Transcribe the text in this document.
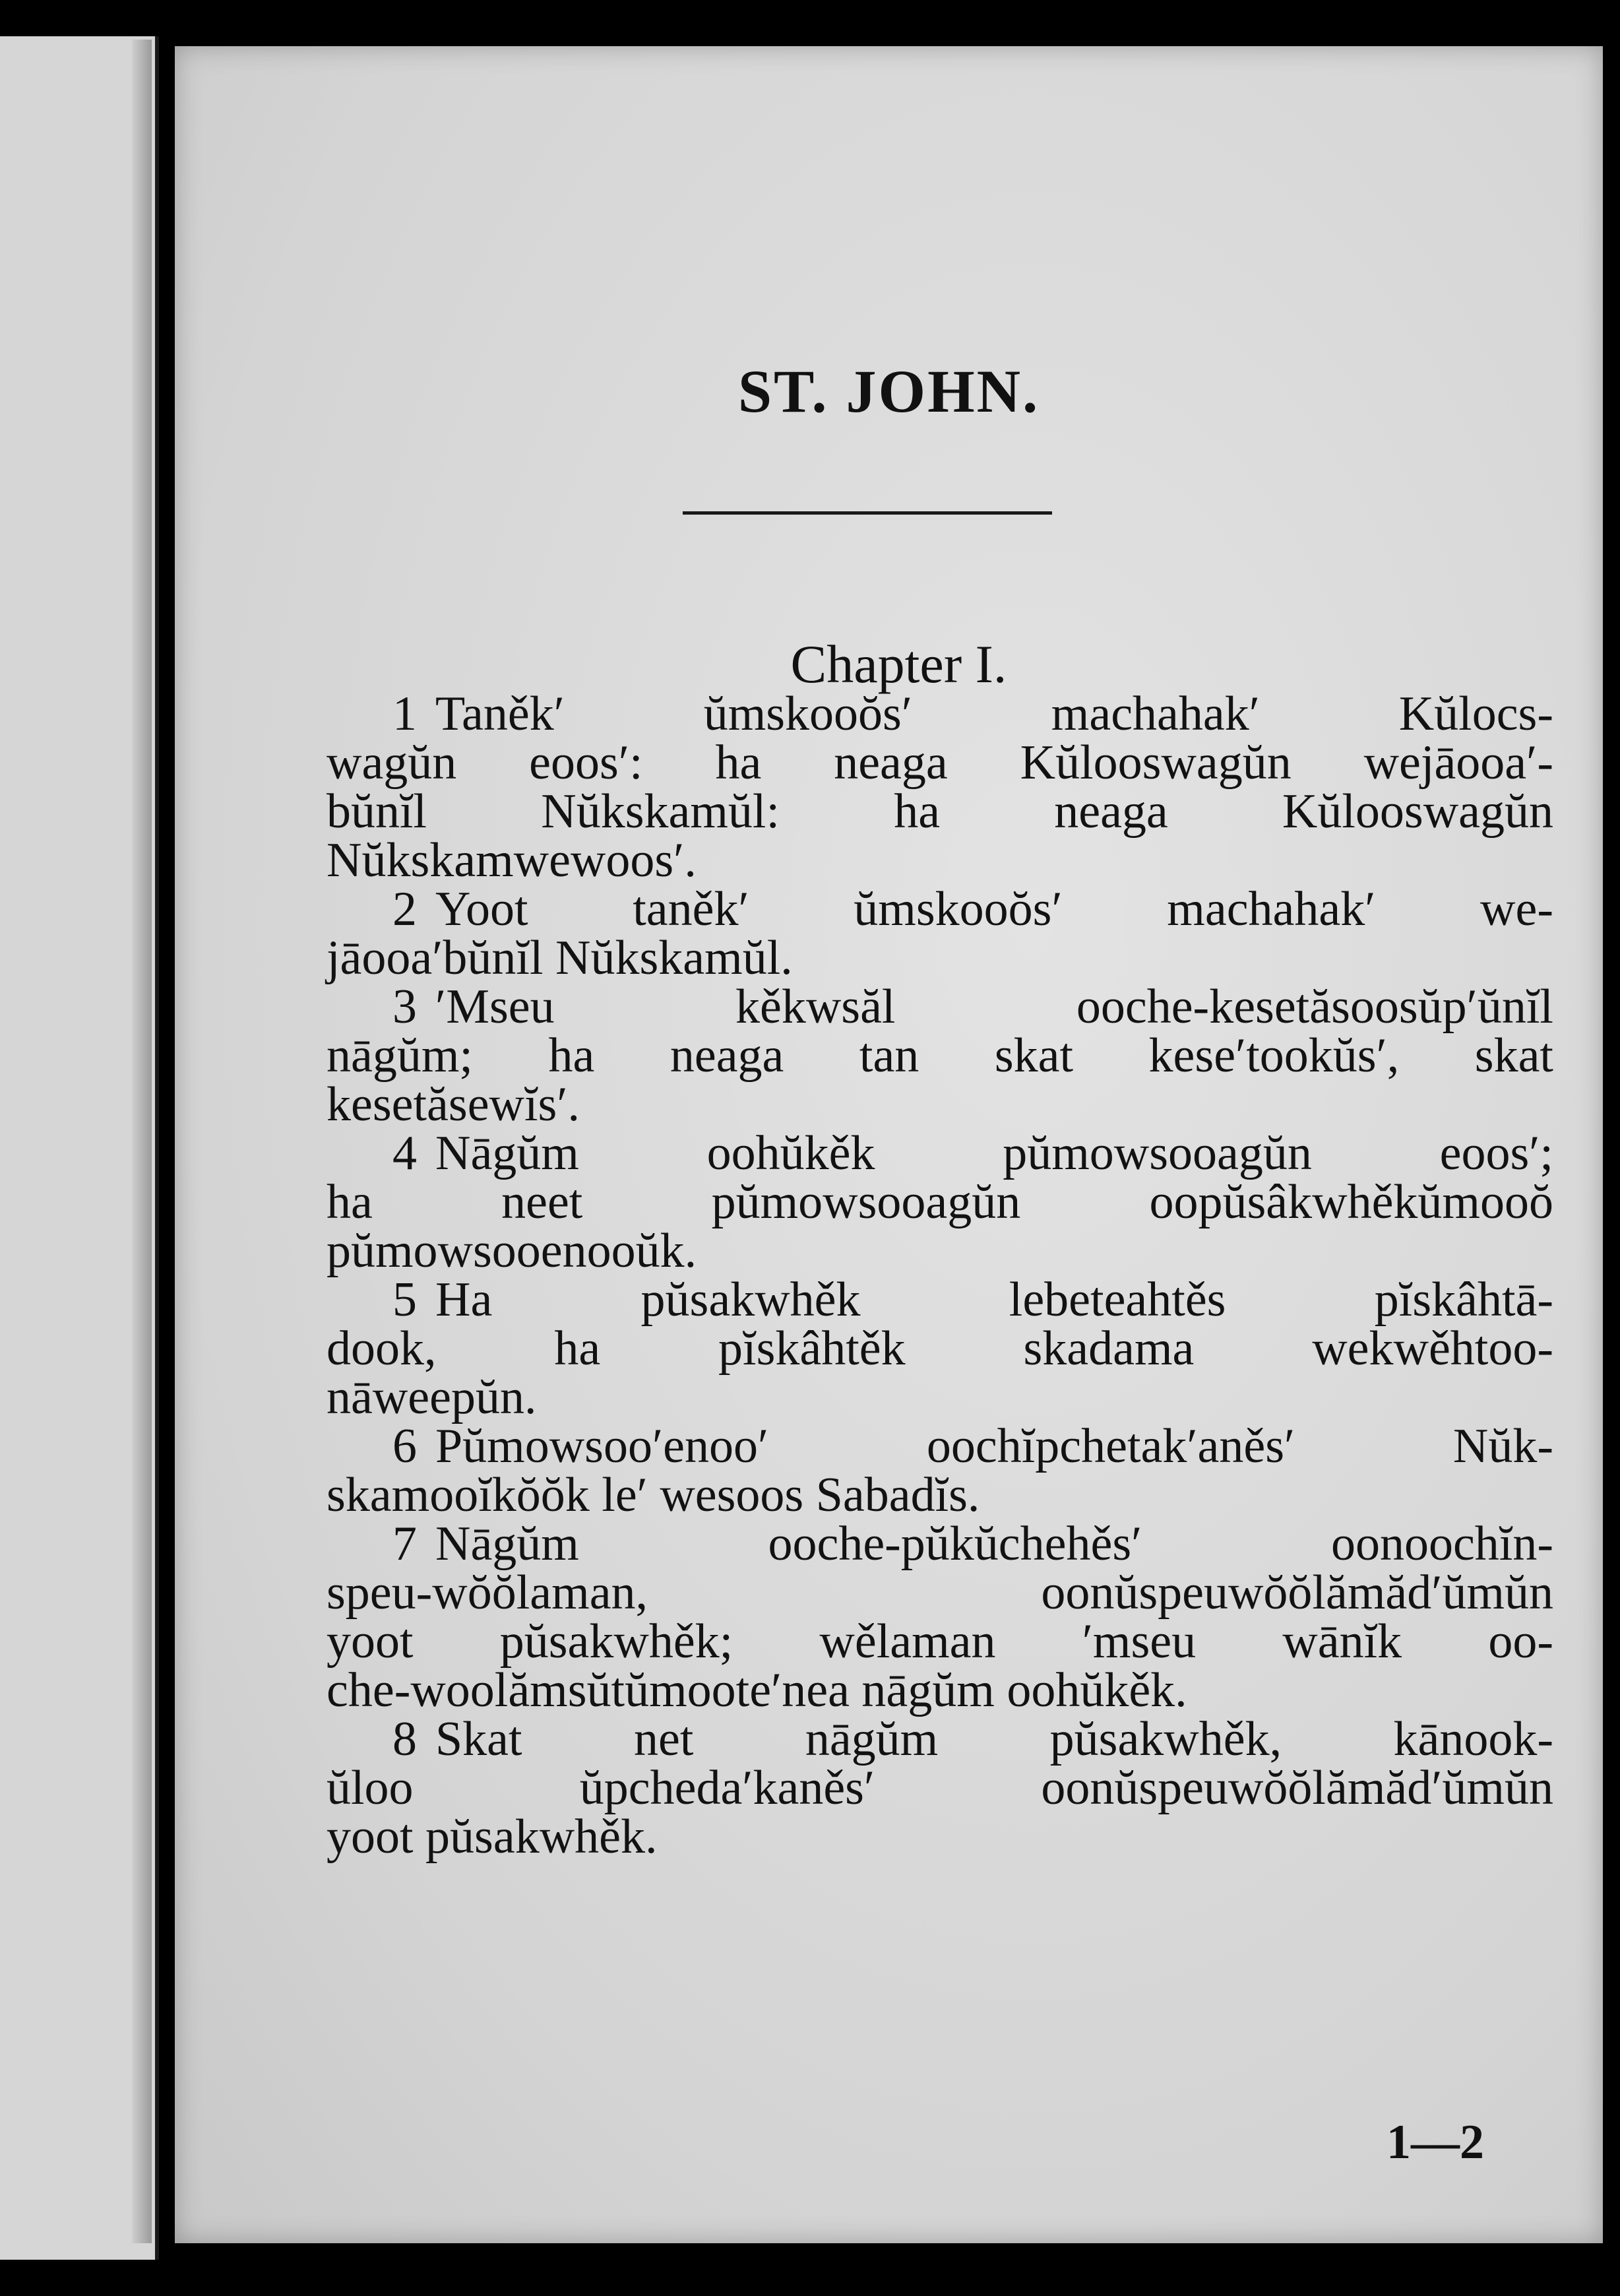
ST. JOHN.
Chapter I.
1 Taněk′ ŭmskooŏs′ machahak′ Kŭlocs-
wagŭn eoos′: ha neaga Kŭlooswagŭn wejāooa′-
bŭnĭl Nŭkskamŭl: ha neaga Kŭlooswagŭn
Nŭkskamwewoos′.
2 Yoot taněk′ ŭmskooŏs′ machahak′ we-
jāooa′bŭnĭl Nŭkskamŭl.
3 ′Mseu kěkwsăl ooche-kesetăsoosŭp′ŭnĭl
nāgŭm; ha neaga tan skat kese′tookŭs′, skat
kesetăsewĭs′.
4 Nāgŭm oohŭkěk pŭmowsooagŭn eoos′;
ha neet pŭmowsooagŭn oopŭsâkwhěkŭmooŏ
pŭmowsooenooŭk.
5 Ha pŭsakwhěk lebeteahtěs pĭskâhtā-
dook, ha pĭskâhtěk skadama wekwěhtoo-
nāweepŭn.
6 Pŭmowsoo′enoo′ oochĭpchetak′aněs′ Nŭk-
skamooĭkŏŏk le′ wesoos Sabadĭs.
7 Nāgŭm ooche-pŭkŭchehěs′ oonoochĭn-
speu-wŏŏlaman, oonŭspeuwŏŏlămăd′ŭmŭn
yoot pŭsakwhěk; wělaman ′mseu wānĭk oo-
che-woolămsŭtŭmoote′nea nāgŭm oohŭkěk.
8 Skat net nāgŭm pŭsakwhěk, kānook-
ŭloo ŭpcheda′kaněs′ oonŭspeuwŏŏlămăd′ŭmŭn
yoot pŭsakwhěk.
1—2
